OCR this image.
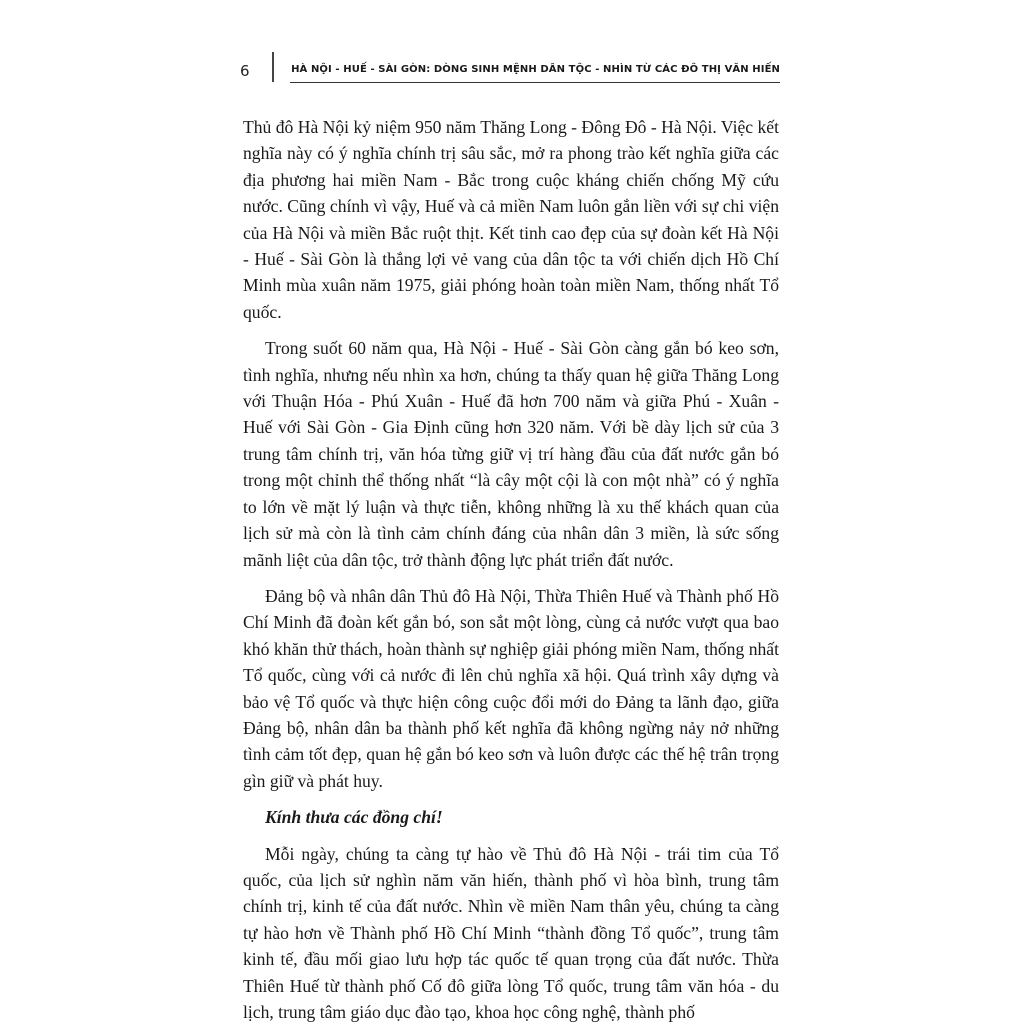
6	HÀ NỘI - HUẾ - SÀI GÒN: DÒNG SINH MỆNH DÂN TỘC - NHÌN TỪ CÁC ĐÔ THỊ VĂN HIẾN

Thủ đô Hà Nội kỷ niệm 950 năm Thăng Long - Đông Đô - Hà Nội. Việc kết nghĩa này có ý nghĩa chính trị sâu sắc, mở ra phong trào kết nghĩa giữa các địa phương hai miền Nam - Bắc trong cuộc kháng chiến chống Mỹ cứu nước. Cũng chính vì vậy, Huế và cả miền Nam luôn gắn liền với sự chi viện của Hà Nội và miền Bắc ruột thịt. Kết tinh cao đẹp của sự đoàn kết Hà Nội - Huế - Sài Gòn là thắng lợi vẻ vang của dân tộc ta với chiến dịch Hồ Chí Minh mùa xuân năm 1975, giải phóng hoàn toàn miền Nam, thống nhất Tổ quốc.

Trong suốt 60 năm qua, Hà Nội - Huế - Sài Gòn càng gắn bó keo sơn, tình nghĩa, nhưng nếu nhìn xa hơn, chúng ta thấy quan hệ giữa Thăng Long với Thuận Hóa - Phú Xuân - Huế đã hơn 700 năm và giữa Phú - Xuân - Huế với Sài Gòn - Gia Định cũng hơn 320 năm. Với bề dày lịch sử của 3 trung tâm chính trị, văn hóa từng giữ vị trí hàng đầu của đất nước gắn bó trong một chỉnh thể thống nhất “là cây một cội là con một nhà” có ý nghĩa to lớn về mặt lý luận và thực tiễn, không những là xu thế khách quan của lịch sử mà còn là tình cảm chính đáng của nhân dân 3 miền, là sức sống mãnh liệt của dân tộc, trở thành động lực phát triển đất nước.

Đảng bộ và nhân dân Thủ đô Hà Nội, Thừa Thiên Huế và Thành phố Hồ Chí Minh đã đoàn kết gắn bó, son sắt một lòng, cùng cả nước vượt qua bao khó khăn thử thách, hoàn thành sự nghiệp giải phóng miền Nam, thống nhất Tổ quốc, cùng với cả nước đi lên chủ nghĩa xã hội. Quá trình xây dựng và bảo vệ Tổ quốc và thực hiện công cuộc đổi mới do Đảng ta lãnh đạo, giữa Đảng bộ, nhân dân ba thành phố kết nghĩa đã không ngừng nảy nở những tình cảm tốt đẹp, quan hệ gắn bó keo sơn và luôn được các thế hệ trân trọng gìn giữ và phát huy.

Kính thưa các đồng chí!

Mỗi ngày, chúng ta càng tự hào về Thủ đô Hà Nội - trái tim của Tổ quốc, của lịch sử nghìn năm văn hiến, thành phố vì hòa bình, trung tâm chính trị, kinh tế của đất nước. Nhìn về miền Nam thân yêu, chúng ta càng tự hào hơn về Thành phố Hồ Chí Minh “thành đồng Tổ quốc”, trung tâm kinh tế, đầu mối giao lưu hợp tác quốc tế quan trọng của đất nước. Thừa Thiên Huế từ thành phố Cố đô giữa lòng Tổ quốc, trung tâm văn hóa - du lịch, trung tâm giáo dục đào tạo, khoa học công nghệ, thành phố
